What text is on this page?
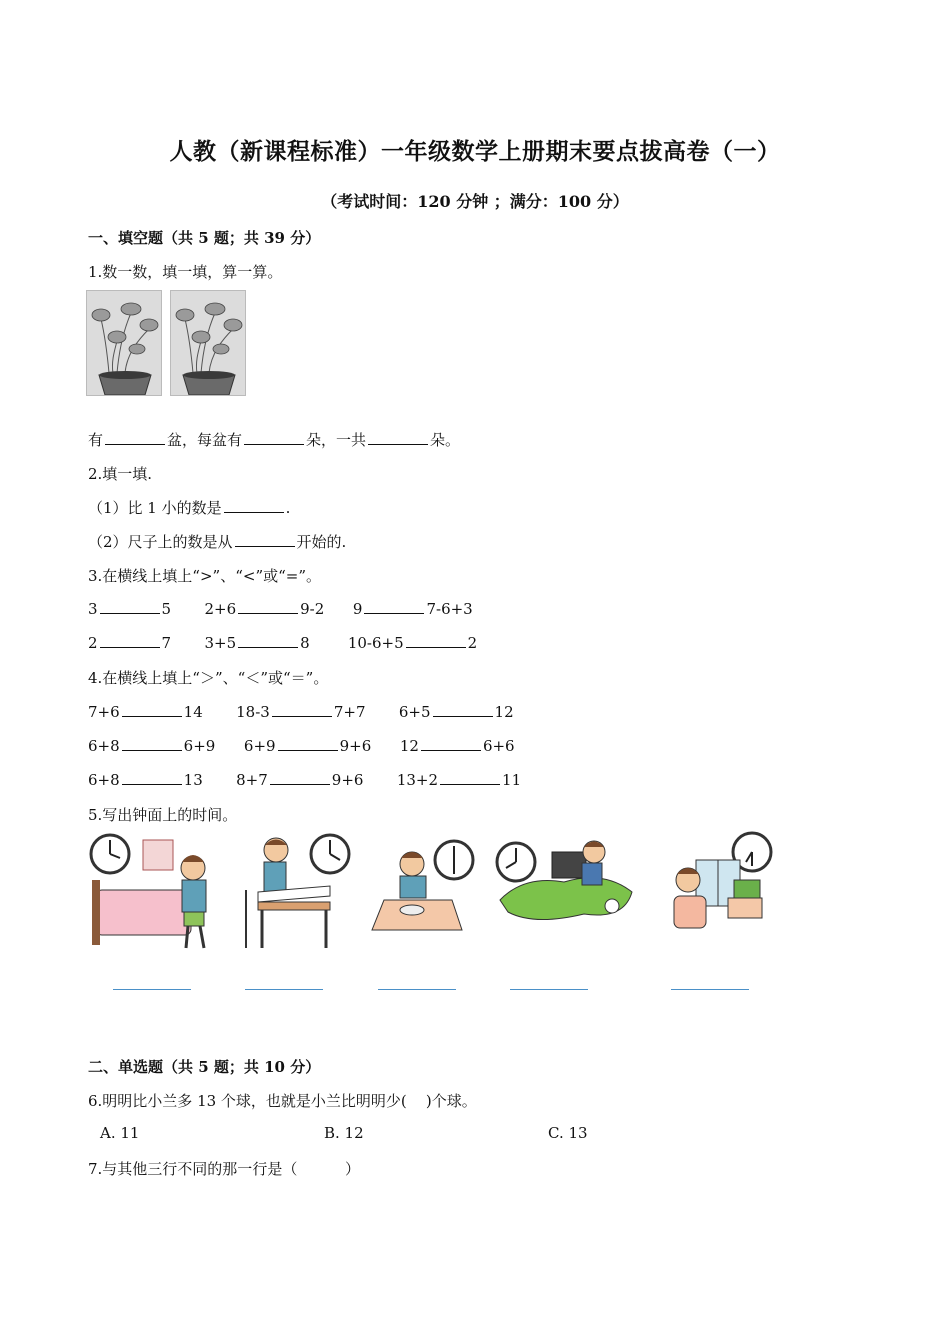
人教（新课程标准）一年级数学上册期末要点拔高卷（一）
（考试时间：120 分钟 ；满分：100 分）
一、填空题（共 5 题；共 39 分）
1.数一数，填一填，算一算。
有	盆，每盆有	朵，一共	朵。
2.填一填.
（1）比 1 小的数是	.
（2）尺子上的数是从	开始的.
3.在横线上填上“>”、“<”或“=”。
3	5 2+6	9-2 9	7-6+3
2	7 3+5	8	10-6+5	2
4.在横线上填上“＞”、“＜”或“＝”。
7+6	14 18-3	7+7 6+5	12
6+8	6+9 6+9	9+6 12	6+6
6+8	13 8+7	9+6 13+2	11
5.写出钟面上的时间。
二、单选题（共 5 题；共 10 分）
6.明明比小兰多 13 个球，也就是小兰比明明少(    )个球。
A. 11	B. 12	C. 13
7.与其他三行不同的那一行是（          ）
